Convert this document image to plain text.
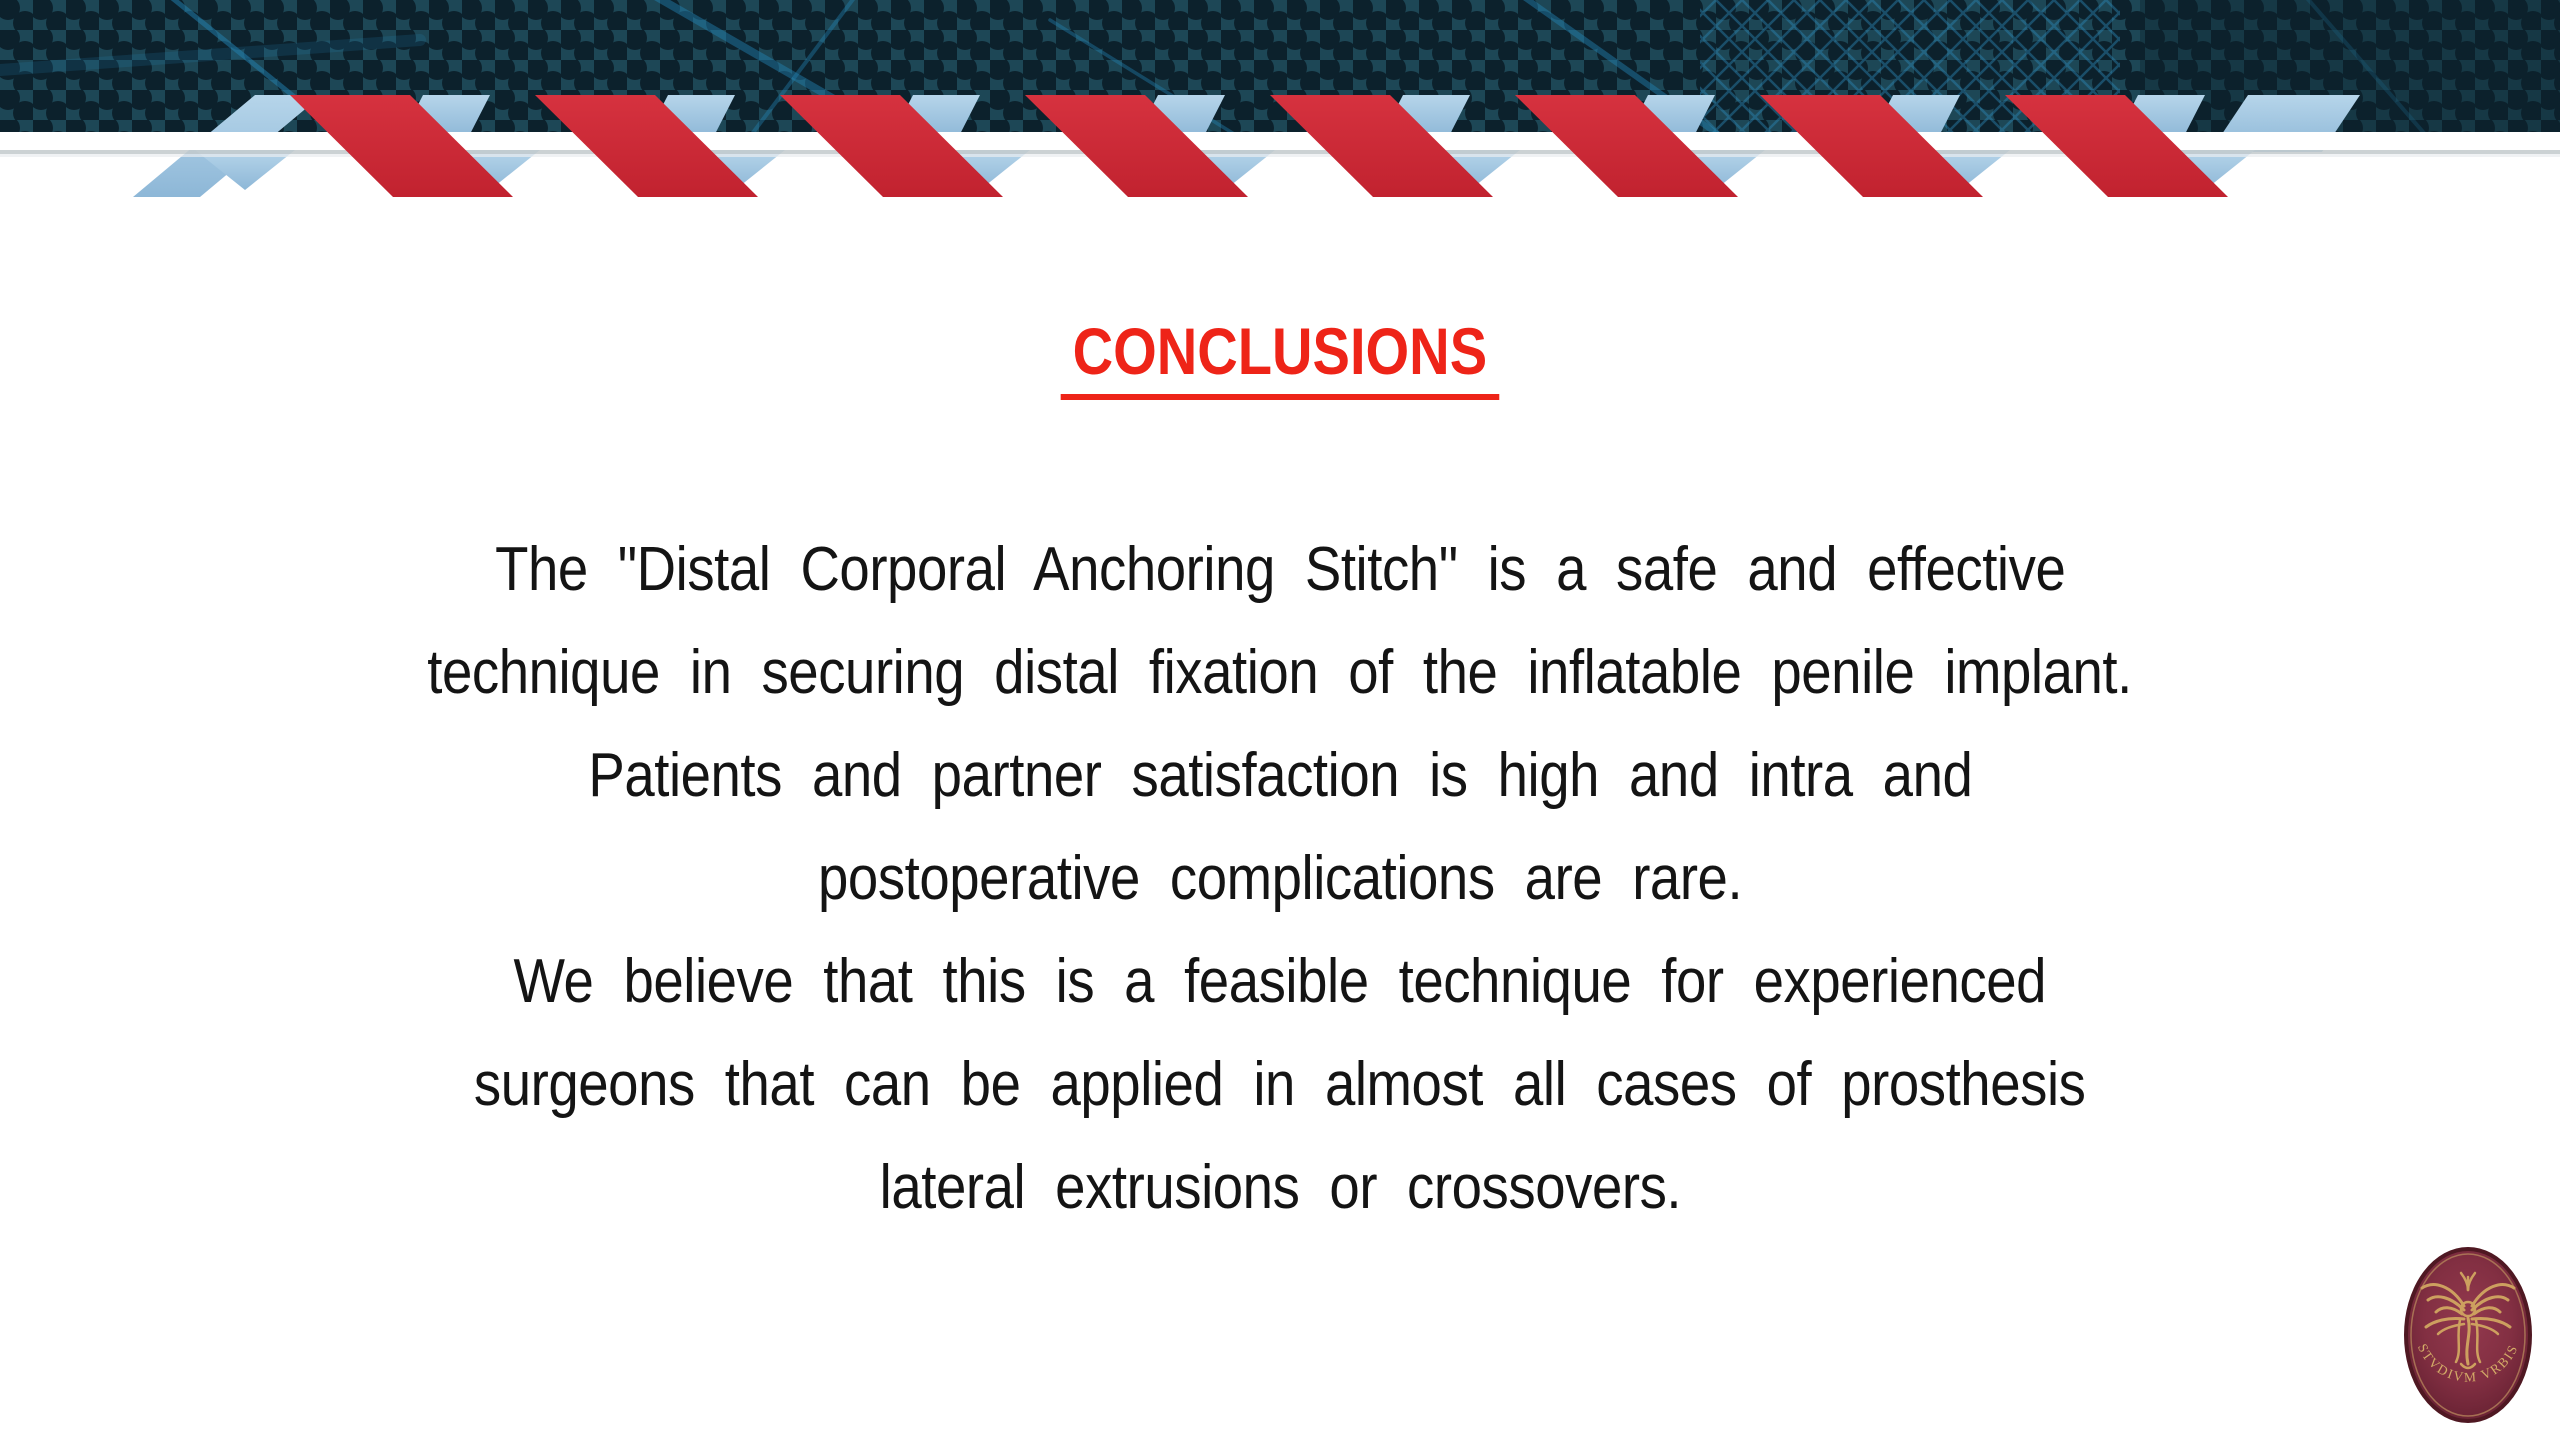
CONCLUSIONS
The "Distal Corporal Anchoring Stitch" is a safe and effective
technique in securing distal fixation of the inflatable penile implant.
Patients and partner satisfaction is high and intra and
postoperative complications are rare.
We believe that this is a feasible technique for experienced
surgeons that can be applied in almost all cases of prosthesis
lateral extrusions or crossovers.
STVDIVM VRBIS
